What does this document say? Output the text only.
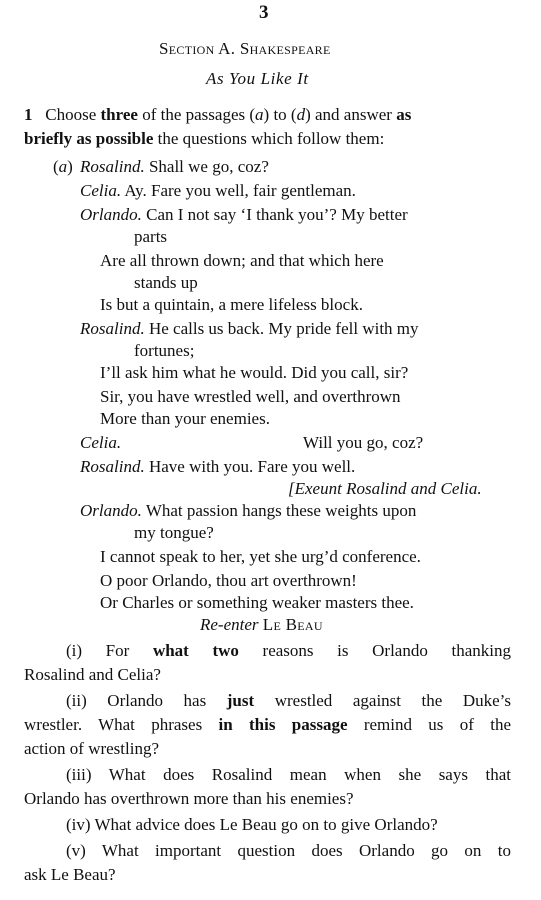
3
Section A. Shakespeare
As You Like It
1 Choose three of the passages (a) to (d) and answer as
briefly as possible the questions which follow them:
(a) Rosalind. Shall we go, coz?
Celia. Ay. Fare you well, fair gentleman.
Orlando. Can I not say ‘I thank you’? My better
parts
Are all thrown down; and that which here
stands up
Is but a quintain, a mere lifeless block.
Rosalind. He calls us back. My pride fell with my
fortunes;
I’ll ask him what he would. Did you call, sir?
Sir, you have wrestled well, and overthrown
More than your enemies.
Celia.	Will you go, coz?
Rosalind. Have with you. Fare you well.
[Exeunt Rosalind and Celia.
Orlando. What passion hangs these weights upon
my tongue?
I cannot speak to her, yet she urg’d conference.
O poor Orlando, thou art overthrown!
Or Charles or something weaker masters thee.
Re-enter Le Beau
(i) For what two reasons is Orlando thanking
Rosalind and Celia?
(ii) Orlando has just wrestled against the Duke’s
wrestler. What phrases in this passage remind us of the
action of wrestling?
(iii) What does Rosalind mean when she says that
Orlando has overthrown more than his enemies?
(iv) What advice does Le Beau go on to give Orlando?
(v) What important question does Orlando go on to
ask Le Beau?
